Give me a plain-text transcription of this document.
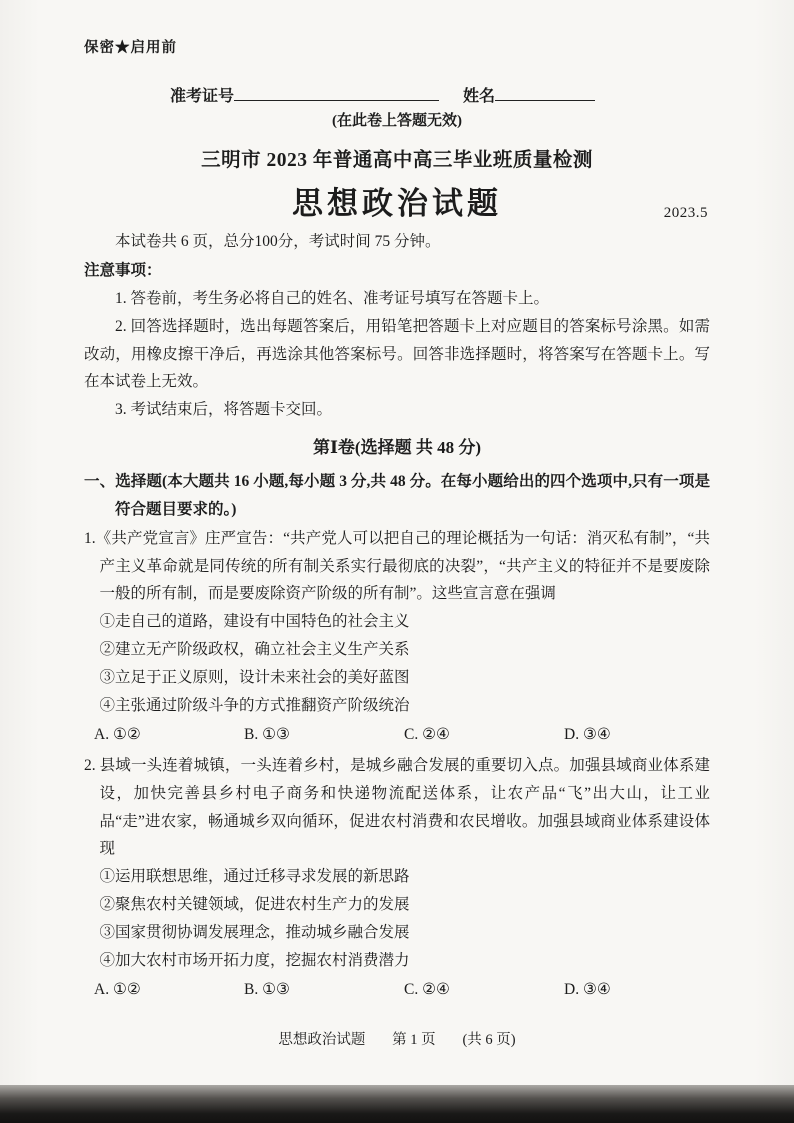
保密★启用前
准考证号	姓名
(在此卷上答题无效)
三明市 2023 年普通高中高三毕业班质量检测
思想政治试题	2023.5

本试卷共 6 页，总分100分，考试时间 75 分钟。

注意事项：

1. 答卷前，考生务必将自己的姓名、准考证号填写在答题卡上。

2. 回答选择题时，选出每题答案后，用铅笔把答题卡上对应题目的答案标号涂黑。如需改动，用橡皮擦干净后，再选涂其他答案标号。回答非选择题时，将答案写在答题卡上。写在本试卷上无效。

3. 考试结束后，将答题卡交回。

第Ⅰ卷(选择题 共 48 分)

一、选择题(本大题共 16 小题,每小题 3 分,共 48 分。在每小题给出的四个选项中,只有一项是符合题目要求的。)

1.《共产党宣言》庄严宣告：“共产党人可以把自己的理论概括为一句话：消灭私有制”，“共产主义革命就是同传统的所有制关系实行最彻底的决裂”，“共产主义的特征并不是要废除一般的所有制，而是要废除资产阶级的所有制”。这些宣言意在强调

①走自己的道路，建设有中国特色的社会主义
②建立无产阶级政权，确立社会主义生产关系
③立足于正义原则，设计未来社会的美好蓝图
④主张通过阶级斗争的方式推翻资产阶级统治
A. ①②	B. ①③	C. ②④	D. ③④

2. 县域一头连着城镇，一头连着乡村，是城乡融合发展的重要切入点。加强县域商业体系建设，加快完善县乡村电子商务和快递物流配送体系，让农产品“飞”出大山，让工业品“走”进农家，畅通城乡双向循环，促进农村消费和农民增收。加强县域商业体系建设体现

①运用联想思维，通过迁移寻求发展的新思路
②聚焦农村关键领域，促进农村生产力的发展
③国家贯彻协调发展理念，推动城乡融合发展
④加大农村市场开拓力度，挖掘农村消费潜力
A. ①②	B. ①③	C. ②④	D. ③④
思想政治试题 第 1 页 (共 6 页)
